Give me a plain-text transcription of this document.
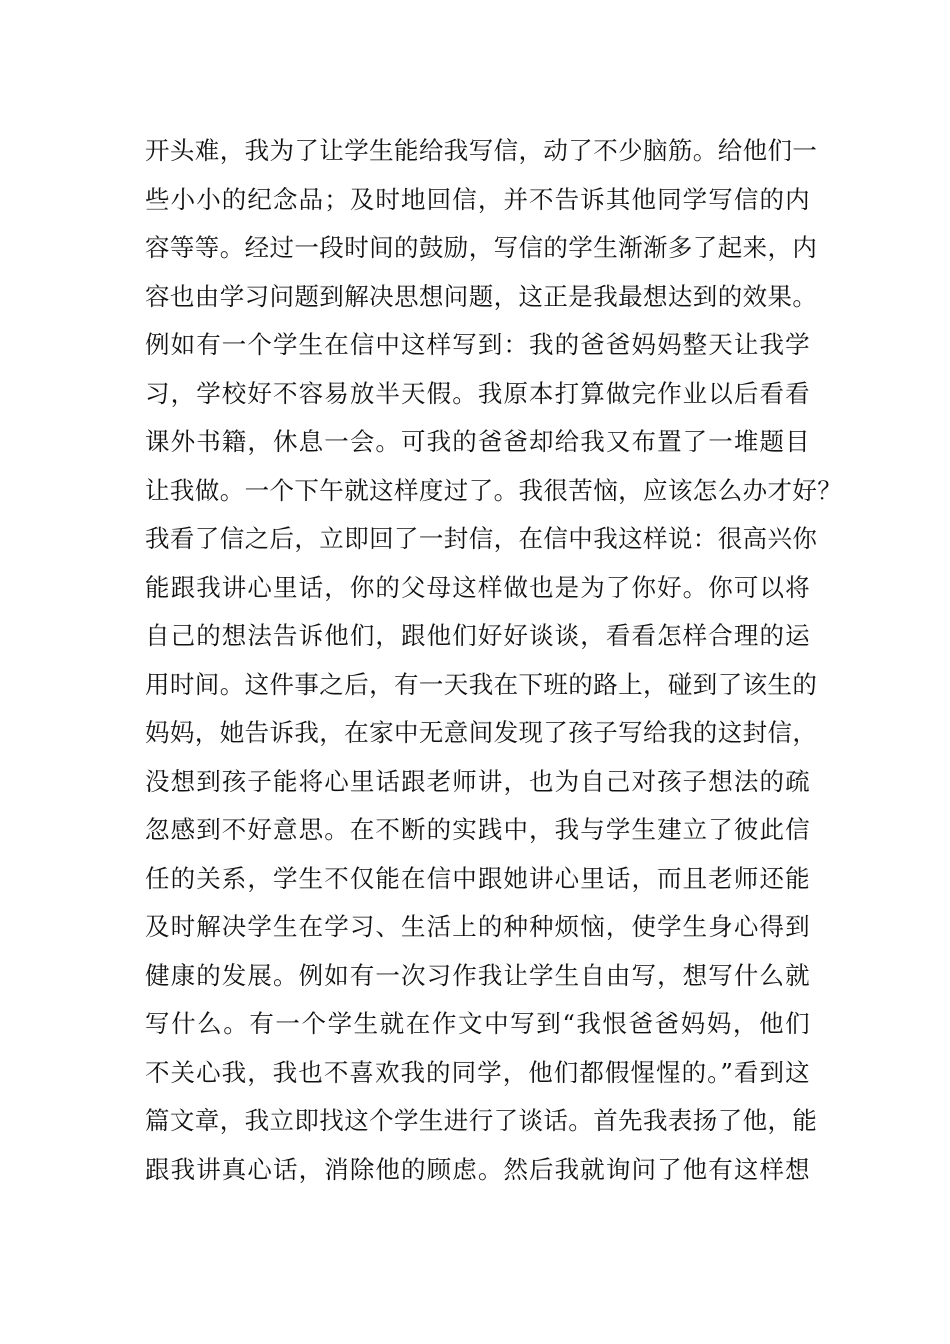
开头难，我为了让学生能给我写信，动了不少脑筋。给他们一
些小小的纪念品；及时地回信，并不告诉其他同学写信的内
容等等。经过一段时间的鼓励，写信的学生渐渐多了起来，内
容也由学习问题到解决思想问题，这正是我最想达到的效果。
例如有一个学生在信中这样写到：我的爸爸妈妈整天让我学
习，学校好不容易放半天假。我原本打算做完作业以后看看
课外书籍，休息一会。可我的爸爸却给我又布置了一堆题目
让我做。一个下午就这样度过了。我很苦恼，应该怎么办才好？
我看了信之后，立即回了一封信，在信中我这样说：很高兴你
能跟我讲心里话，你的父母这样做也是为了你好。你可以将
自己的想法告诉他们，跟他们好好谈谈，看看怎样合理的运
用时间。这件事之后，有一天我在下班的路上，碰到了该生的
妈妈，她告诉我，在家中无意间发现了孩子写给我的这封信，
没想到孩子能将心里话跟老师讲，也为自己对孩子想法的疏
忽感到不好意思。在不断的实践中，我与学生建立了彼此信
任的关系，学生不仅能在信中跟她讲心里话，而且老师还能
及时解决学生在学习、生活上的种种烦恼，使学生身心得到
健康的发展。例如有一次习作我让学生自由写，想写什么就
写什么。有一个学生就在作文中写到“我恨爸爸妈妈，他们
不关心我，我也不喜欢我的同学，他们都假惺惺的。”看到这
篇文章，我立即找这个学生进行了谈话。首先我表扬了他，能
跟我讲真心话，消除他的顾虑。然后我就询问了他有这样想
